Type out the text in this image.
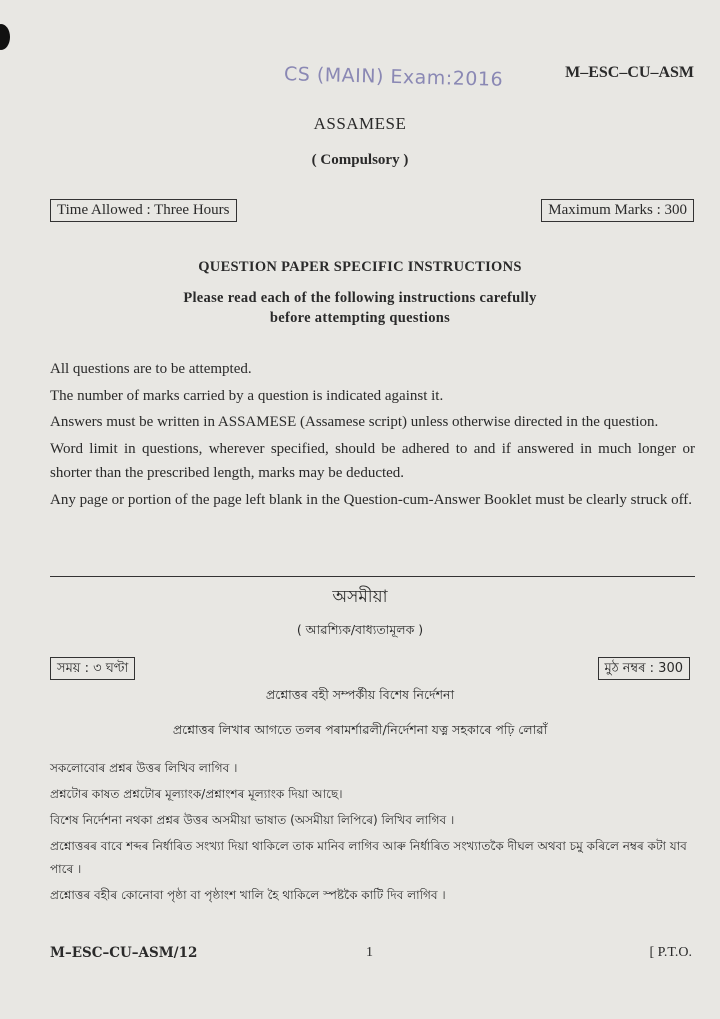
CS (MAIN) Exam:2016	M–ESC–CU–ASM
ASSAMESE
( Compulsory )
Time Allowed : Three Hours	Maximum Marks : 300
QUESTION PAPER SPECIFIC INSTRUCTIONS
Please read each of the following instructions carefully
before attempting questions
All questions are to be attempted.
The number of marks carried by a question is indicated against it.
Answers must be written in ASSAMESE (Assamese script) unless otherwise directed in the question.
Word limit in questions, wherever specified, should be adhered to and if answered in much longer or shorter than the prescribed length, marks may be deducted.
Any page or portion of the page left blank in the Question-cum-Answer Booklet must be clearly struck off.
অসমীয়া
( আৱশ্যিক/বাধ্যতামূলক )
সময় : ৩ ঘণ্টা	মুঠ নম্বৰ : 300
প্ৰশ্নোত্তৰ বহী সম্পৰ্কীয় বিশেষ নিৰ্দেশনা
প্ৰশ্নোত্তৰ লিখাৰ আগতে তলৰ পৰামৰ্শাৱলী/নিৰ্দেশনা যত্ন সহকাৰে পঢ়ি লোৱাঁ
সকলোবোৰ প্ৰশ্নৰ উত্তৰ লিখিব লাগিব ।
প্ৰশ্নটোৰ কাষত প্ৰশ্নটোৰ মূল্যাংক/প্ৰশ্নাংশৰ মূল্যাংক দিয়া আছে।
বিশেষ নিৰ্দেশনা নথকা প্ৰশ্নৰ উত্তৰ অসমীয়া ভাষাত (অসমীয়া লিপিৰে) লিখিব লাগিব ।
প্ৰশ্নোত্তৰৰ বাবে শব্দৰ নিৰ্ধাৰিত সংখ্যা দিয়া থাকিলে তাক মানিব লাগিব আৰু নিৰ্ধাৰিত সংখ্যাতকৈ দীঘল অথবা চমু কৰিলে নম্বৰ কটা যাব পাৰে ।
প্ৰশ্নোত্তৰ বহীৰ কোনোবা পৃষ্ঠা বা পৃষ্ঠাংশ খালি হৈ থাকিলে স্পষ্টকৈ কাটি দিব লাগিব ।
M–ESC–CU–ASM/12	1	[ P.T.O.
